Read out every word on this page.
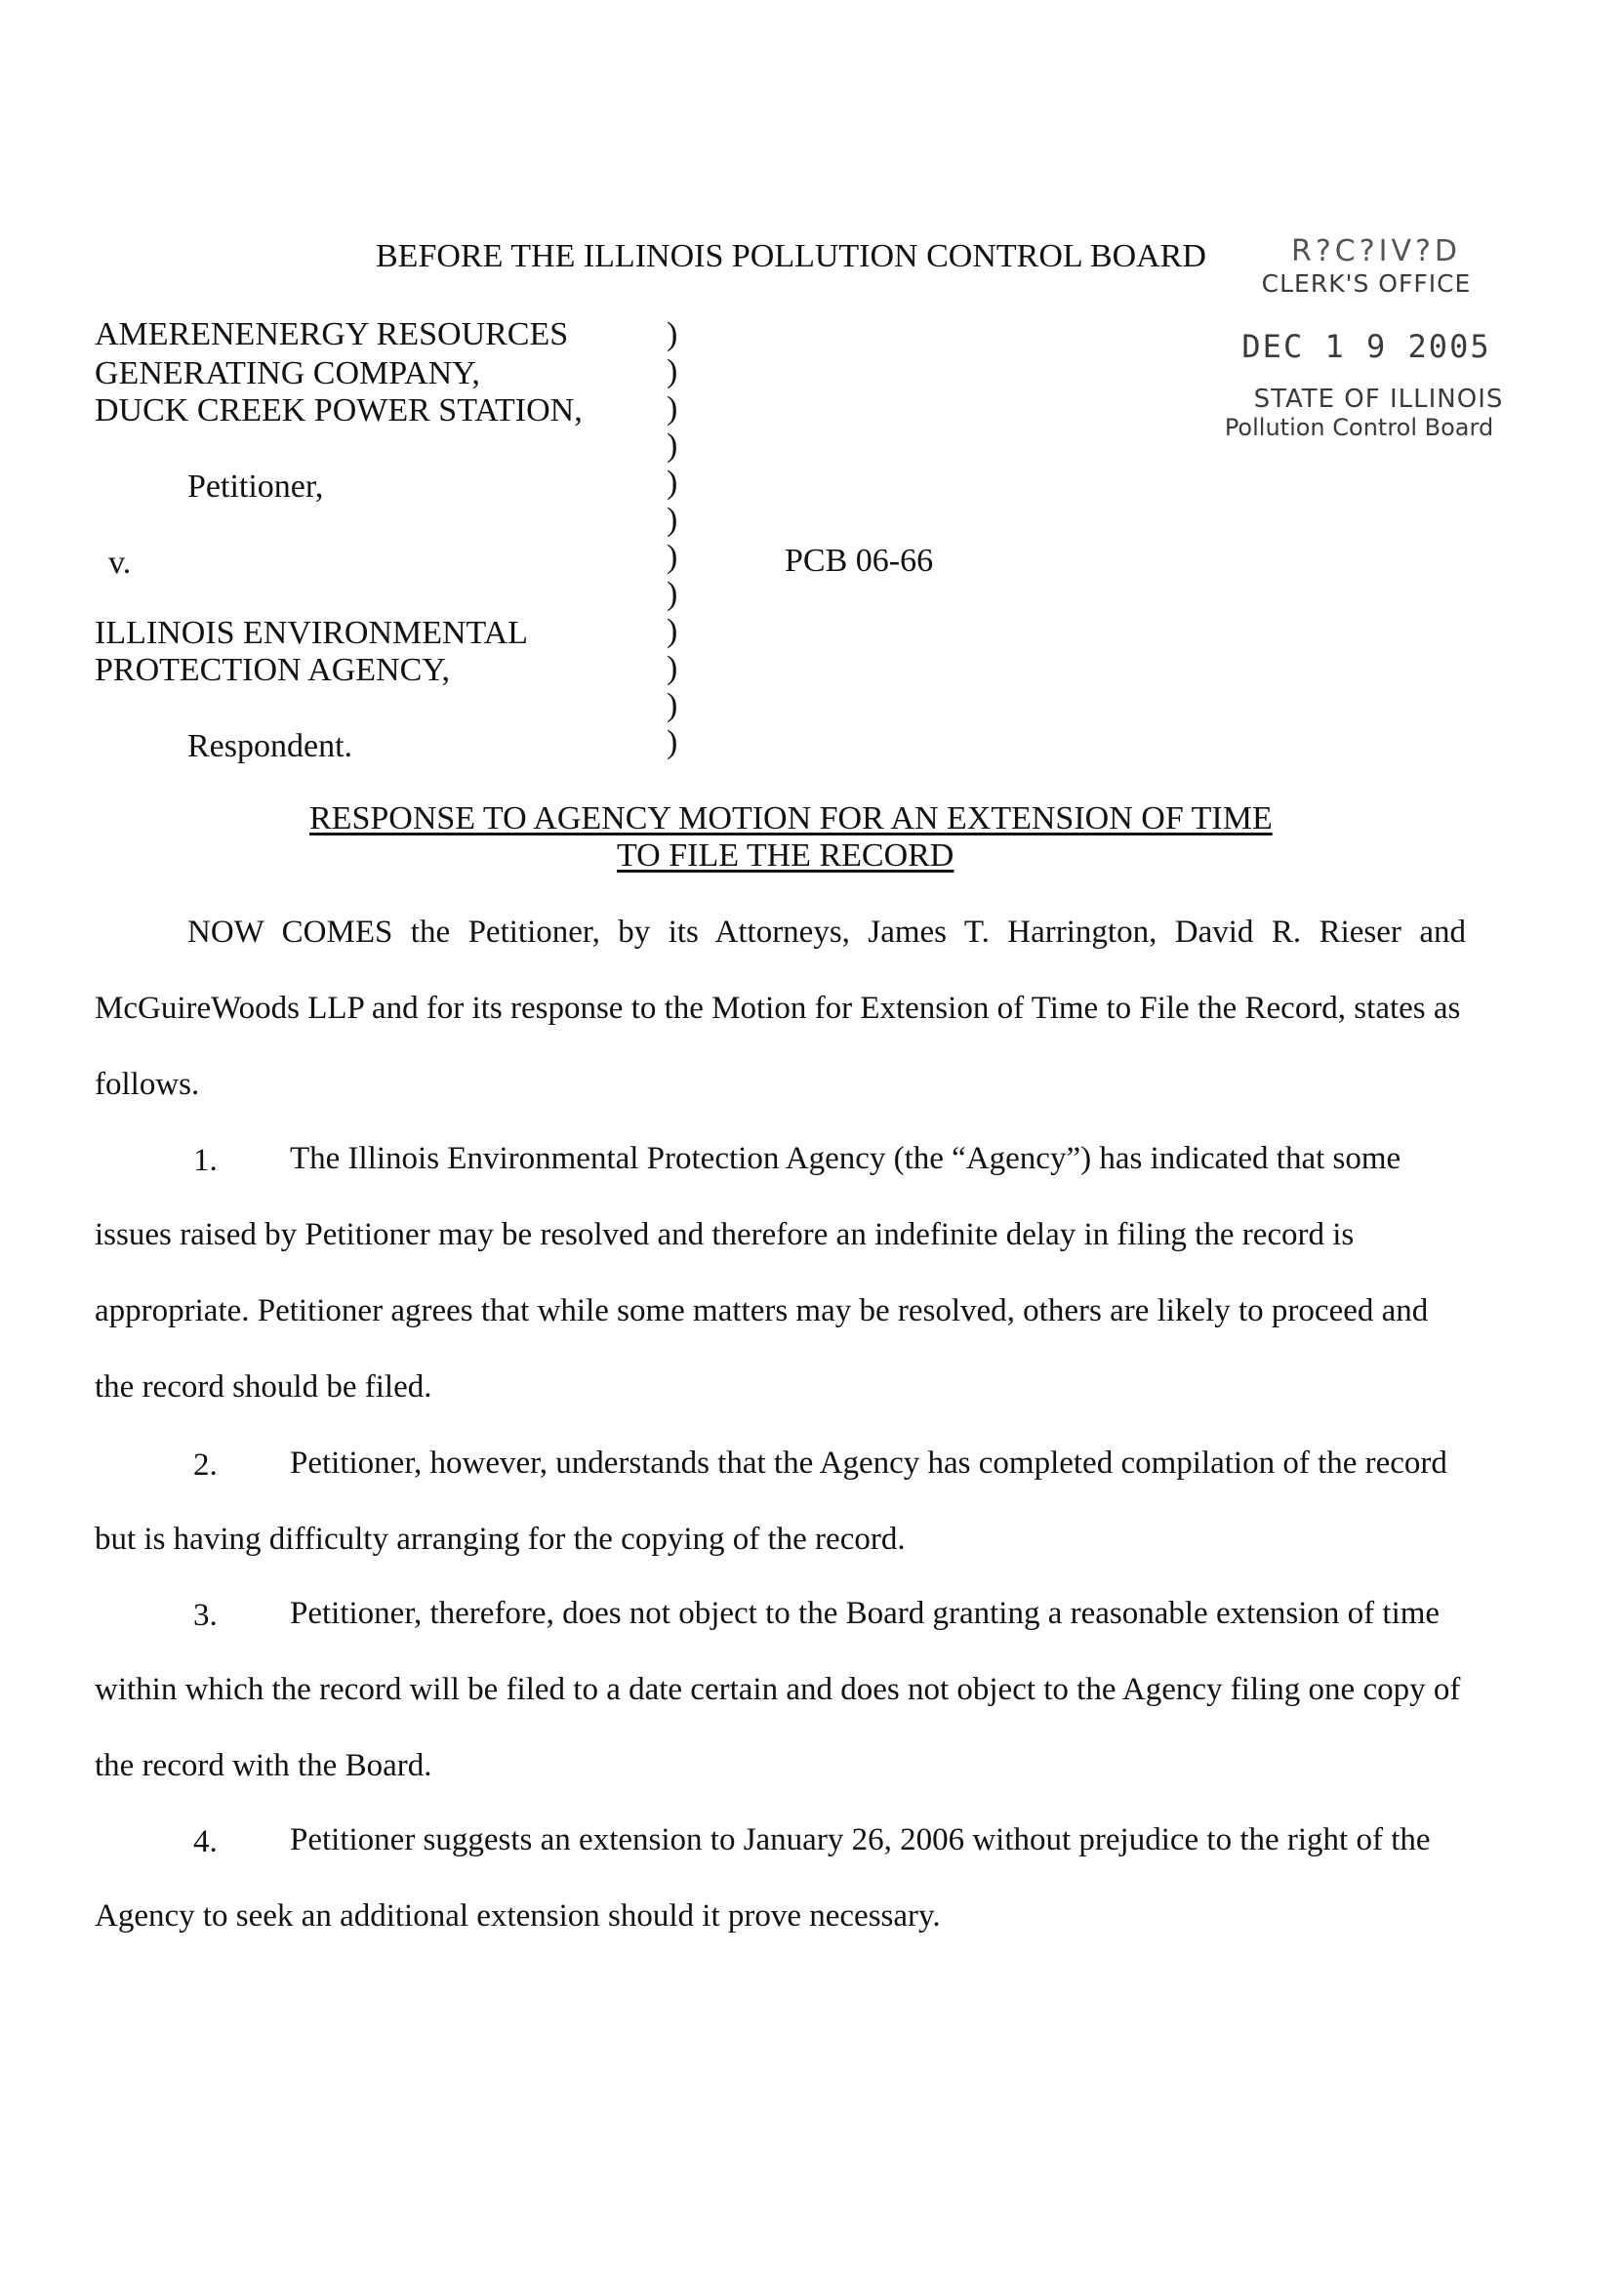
BEFORE THE ILLINOIS POLLUTION CONTROL BOARD	R?C?IV?D
CLERK'S OFFICE
DEC 1 9 2005
STATE OF ILLINOIS
Pollution Control Board
AMERENENERGY RESOURCES
GENERATING COMPANY,
DUCK CREEK POWER STATION,
Petitioner,
v.
ILLINOIS ENVIRONMENTAL
PROTECTION AGENCY,
Respondent.
)
)
)
)
)
)
)
)
)
)
)
)
PCB 06-66
RESPONSE TO AGENCY MOTION FOR AN EXTENSION OF TIME
TO FILE THE RECORD
NOW COMES the Petitioner, by its Attorneys, James T. Harrington, David R. Rieser and
McGuireWoods LLP and for its response to the Motion for Extension of Time to File the Record, states as
follows.
1. The Illinois Environmental Protection Agency (the “Agency”) has indicated that some
issues raised by Petitioner may be resolved and therefore an indefinite delay in filing the record is
appropriate. Petitioner agrees that while some matters may be resolved, others are likely to proceed and
the record should be filed.
2. Petitioner, however, understands that the Agency has completed compilation of the record
but is having difficulty arranging for the copying of the record.
3. Petitioner, therefore, does not object to the Board granting a reasonable extension of time
within which the record will be filed to a date certain and does not object to the Agency filing one copy of
the record with the Board.
4. Petitioner suggests an extension to January 26, 2006 without prejudice to the right of the
Agency to seek an additional extension should it prove necessary.
